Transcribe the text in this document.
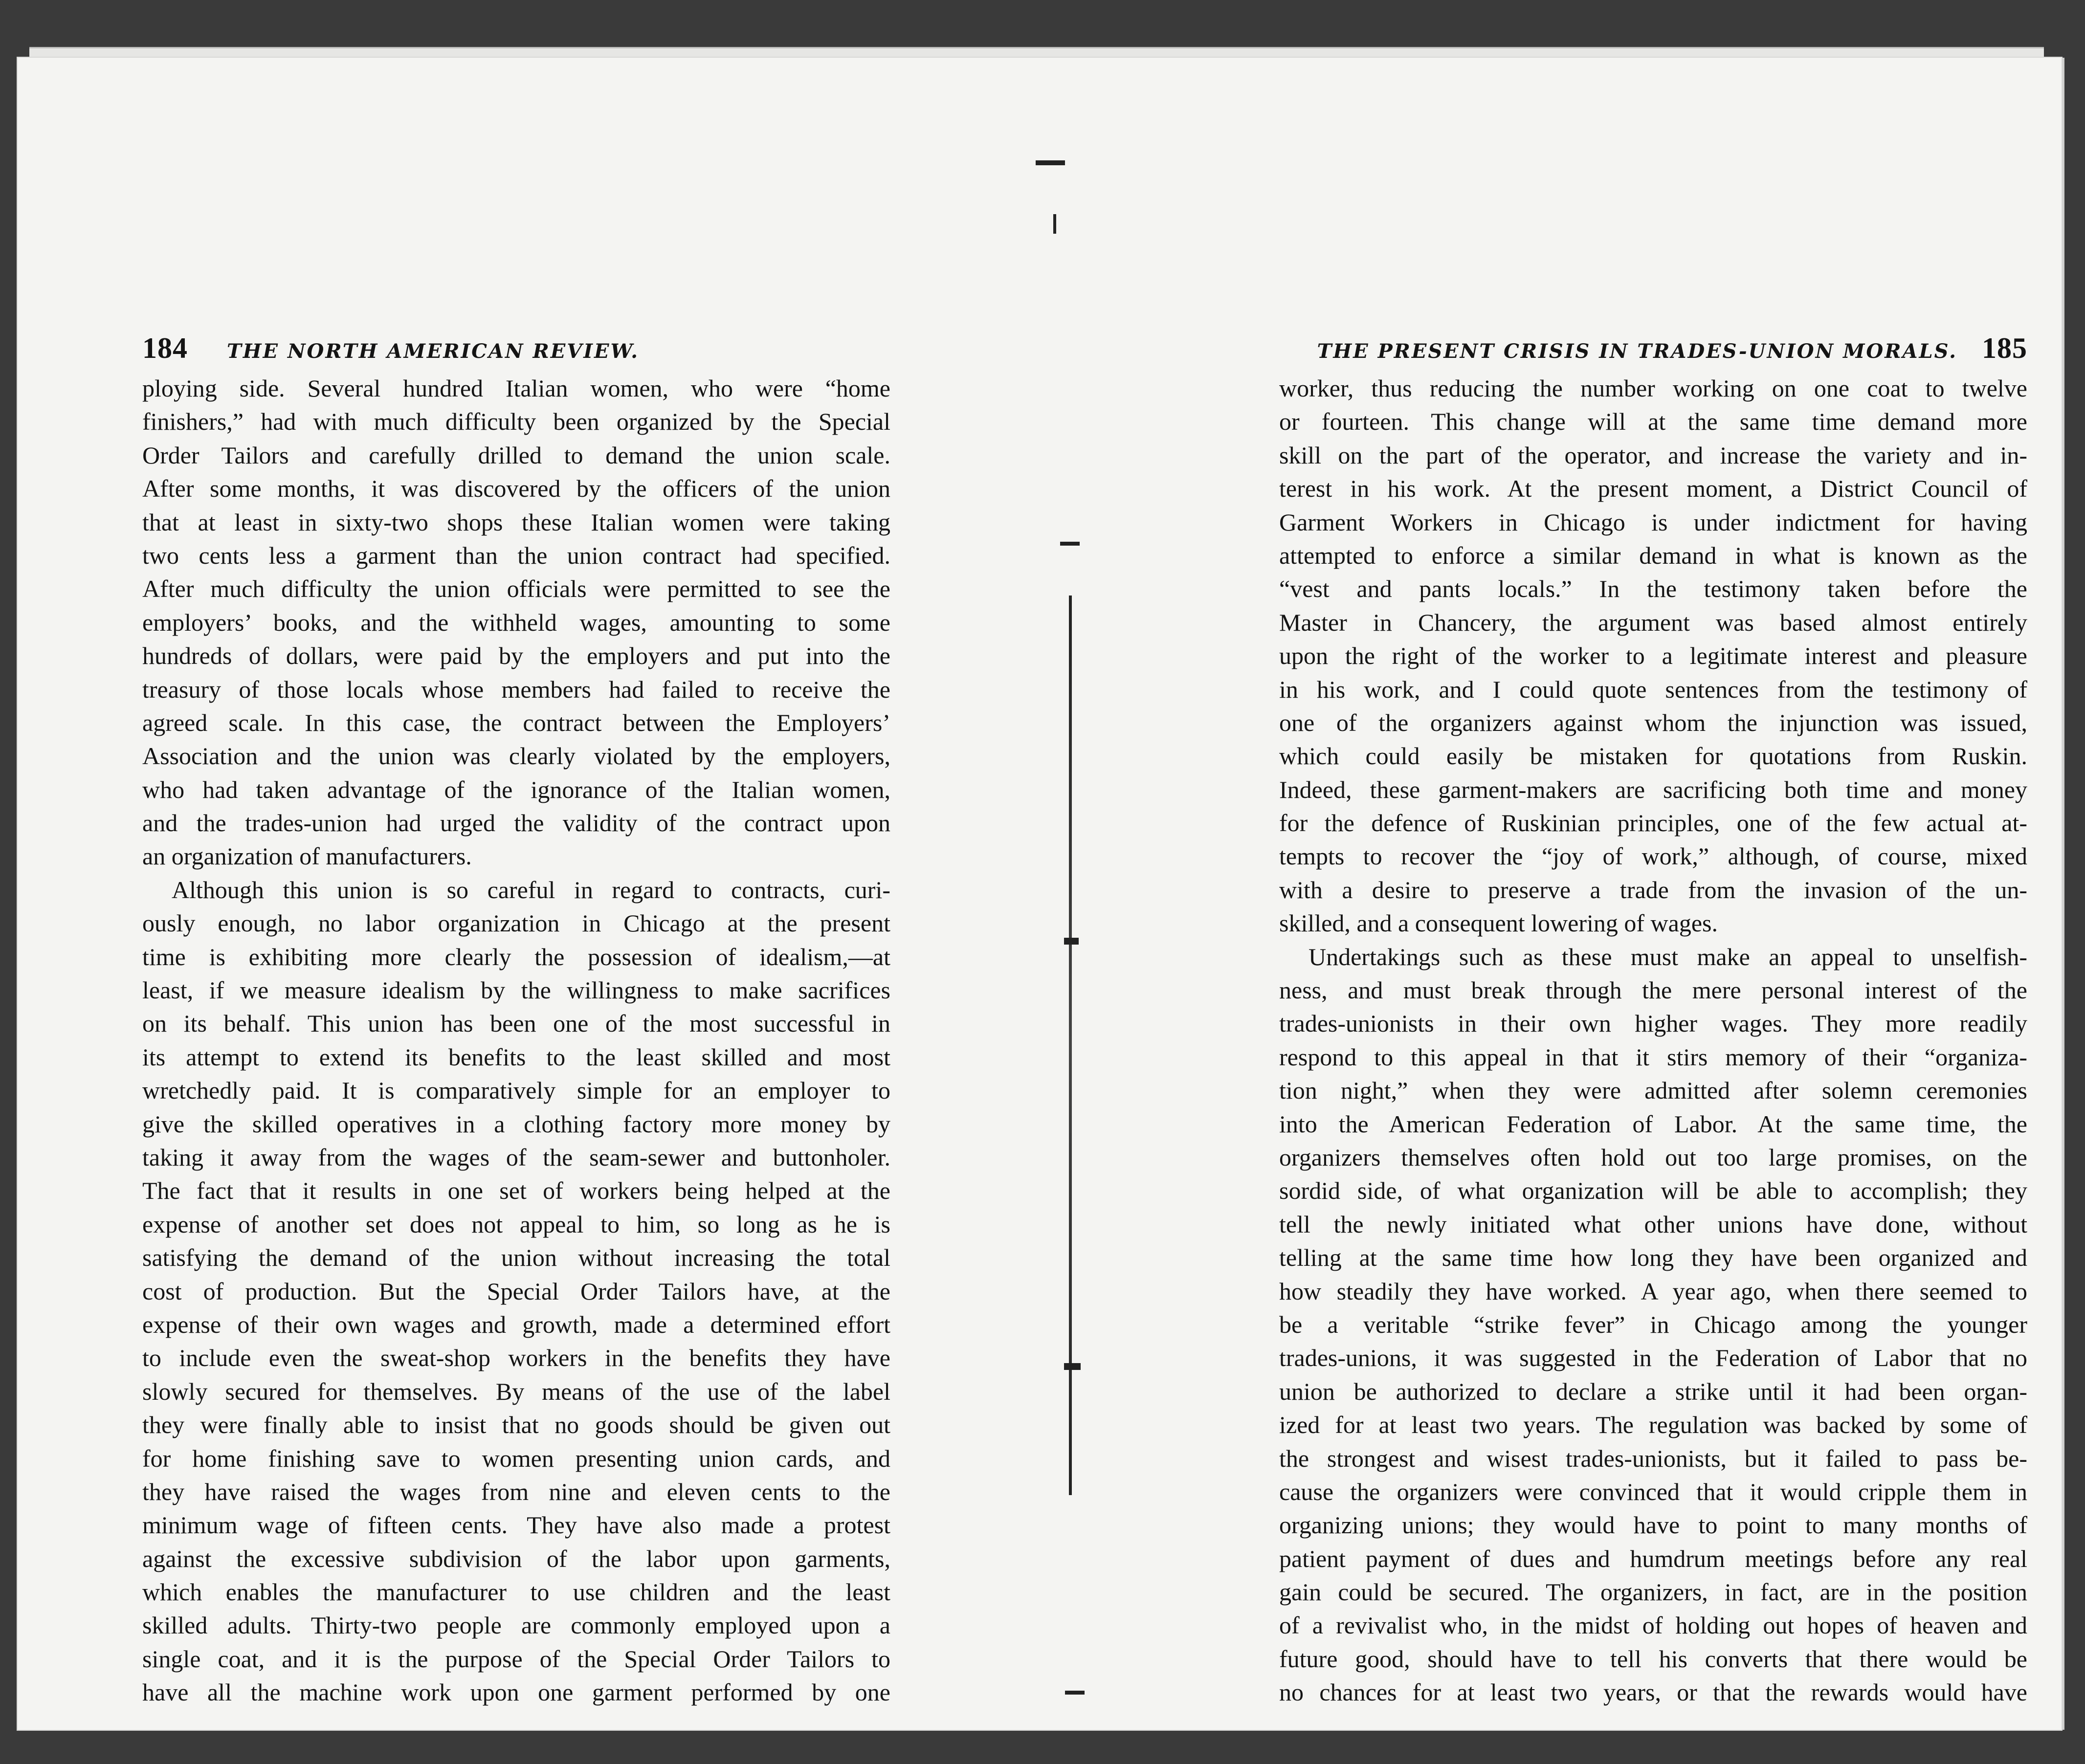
184 THE NORTH AMERICAN REVIEW.
ploying side. Several hundred Italian women, who were “home
finishers,” had with much difficulty been organized by the Special
Order Tailors and carefully drilled to demand the union scale.
After some months, it was discovered by the officers of the union
that at least in sixty-two shops these Italian women were taking
two cents less a garment than the union contract had specified.
After much difficulty the union officials were permitted to see the
employers’ books, and the withheld wages, amounting to some
hundreds of dollars, were paid by the employers and put into the
treasury of those locals whose members had failed to receive the
agreed scale. In this case, the contract between the Employers’
Association and the union was clearly violated by the employers,
who had taken advantage of the ignorance of the Italian women,
and the trades-union had urged the validity of the contract upon
an organization of manufacturers.
Although this union is so careful in regard to contracts, curi-
ously enough, no labor organization in Chicago at the present
time is exhibiting more clearly the possession of idealism,—at
least, if we measure idealism by the willingness to make sacrifices
on its behalf. This union has been one of the most successful in
its attempt to extend its benefits to the least skilled and most
wretchedly paid. It is comparatively simple for an employer to
give the skilled operatives in a clothing factory more money by
taking it away from the wages of the seam-sewer and buttonholer.
The fact that it results in one set of workers being helped at the
expense of another set does not appeal to him, so long as he is
satisfying the demand of the union without increasing the total
cost of production. But the Special Order Tailors have, at the
expense of their own wages and growth, made a determined effort
to include even the sweat-shop workers in the benefits they have
slowly secured for themselves. By means of the use of the label
they were finally able to insist that no goods should be given out
for home finishing save to women presenting union cards, and
they have raised the wages from nine and eleven cents to the
minimum wage of fifteen cents. They have also made a protest
against the excessive subdivision of the labor upon garments,
which enables the manufacturer to use children and the least
skilled adults. Thirty-two people are commonly employed upon a
single coat, and it is the purpose of the Special Order Tailors to
have all the machine work upon one garment performed by one
THE PRESENT CRISIS IN TRADES-UNION MORALS. 185
worker, thus reducing the number working on one coat to twelve
or fourteen. This change will at the same time demand more
skill on the part of the operator, and increase the variety and in-
terest in his work. At the present moment, a District Council of
Garment Workers in Chicago is under indictment for having
attempted to enforce a similar demand in what is known as the
“vest and pants locals.” In the testimony taken before the
Master in Chancery, the argument was based almost entirely
upon the right of the worker to a legitimate interest and pleasure
in his work, and I could quote sentences from the testimony of
one of the organizers against whom the injunction was issued,
which could easily be mistaken for quotations from Ruskin.
Indeed, these garment-makers are sacrificing both time and money
for the defence of Ruskinian principles, one of the few actual at-
tempts to recover the “joy of work,” although, of course, mixed
with a desire to preserve a trade from the invasion of the un-
skilled, and a consequent lowering of wages.
Undertakings such as these must make an appeal to unselfish-
ness, and must break through the mere personal interest of the
trades-unionists in their own higher wages. They more readily
respond to this appeal in that it stirs memory of their “organiza-
tion night,” when they were admitted after solemn ceremonies
into the American Federation of Labor. At the same time, the
organizers themselves often hold out too large promises, on the
sordid side, of what organization will be able to accomplish; they
tell the newly initiated what other unions have done, without
telling at the same time how long they have been organized and
how steadily they have worked. A year ago, when there seemed to
be a veritable “strike fever” in Chicago among the younger
trades-unions, it was suggested in the Federation of Labor that no
union be authorized to declare a strike until it had been organ-
ized for at least two years. The regulation was backed by some of
the strongest and wisest trades-unionists, but it failed to pass be-
cause the organizers were convinced that it would cripple them in
organizing unions; they would have to point to many months of
patient payment of dues and humdrum meetings before any real
gain could be secured. The organizers, in fact, are in the position
of a revivalist who, in the midst of holding out hopes of heaven and
future good, should have to tell his converts that there would be
no chances for at least two years, or that the rewards would have
